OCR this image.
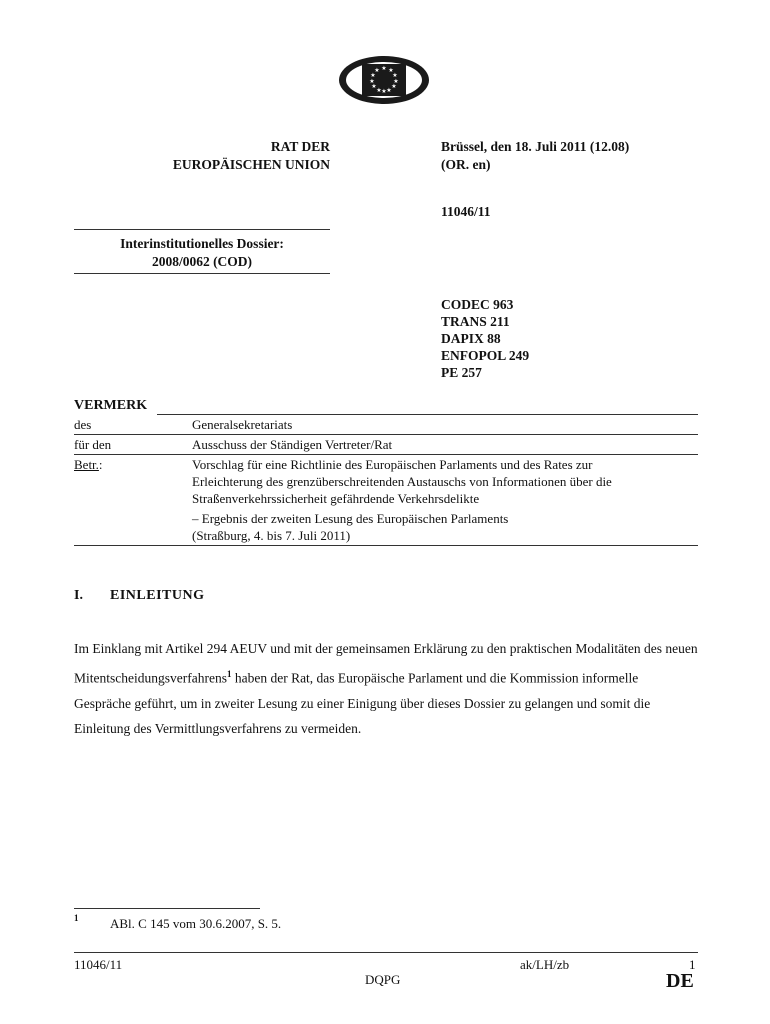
★ ★
★
★
★
★
★
★
★
★
★
★
RAT DER
EUROPÄISCHEN UNION
Brüssel, den 18. Juli 2011 (12.08)
(OR. en)
11046/11
Interinstitutionelles Dossier:
2008/0062 (COD)
CODEC 963
TRANS 211
DAPIX 88
ENFOPOL 249
PE 257
VERMERK
des	Generalsekretariats
für den	Ausschuss der Ständigen Vertreter/Rat
Betr.:	Vorschlag für eine Richtlinie des Europäischen Parlaments und des Rates zur
Erleichterung des grenzüberschreitenden Austauschs von Informationen über die
Straßenverkehrssicherheit gefährdende Verkehrsdelikte
– Ergebnis der zweiten Lesung des Europäischen Parlaments
(Straßburg, 4. bis 7. Juli 2011)
I. EINLEITUNG
Im Einklang mit Artikel 294 AEUV und mit der gemeinsamen Erklärung zu den praktischen Modalitäten des neuen Mitentscheidungsverfahrens$^1$ haben der Rat, das Europäische Parlament und die Kommission informelle Gespräche geführt, um in zweiter Lesung zu einer Einigung über dieses Dossier zu gelangen und somit die Einleitung des Vermittlungsverfahrens zu vermeiden.
1 ABl. C 145 vom 30.6.2007, S. 5.
11046/11	ak/LH/zb	1
DQPG	DE
